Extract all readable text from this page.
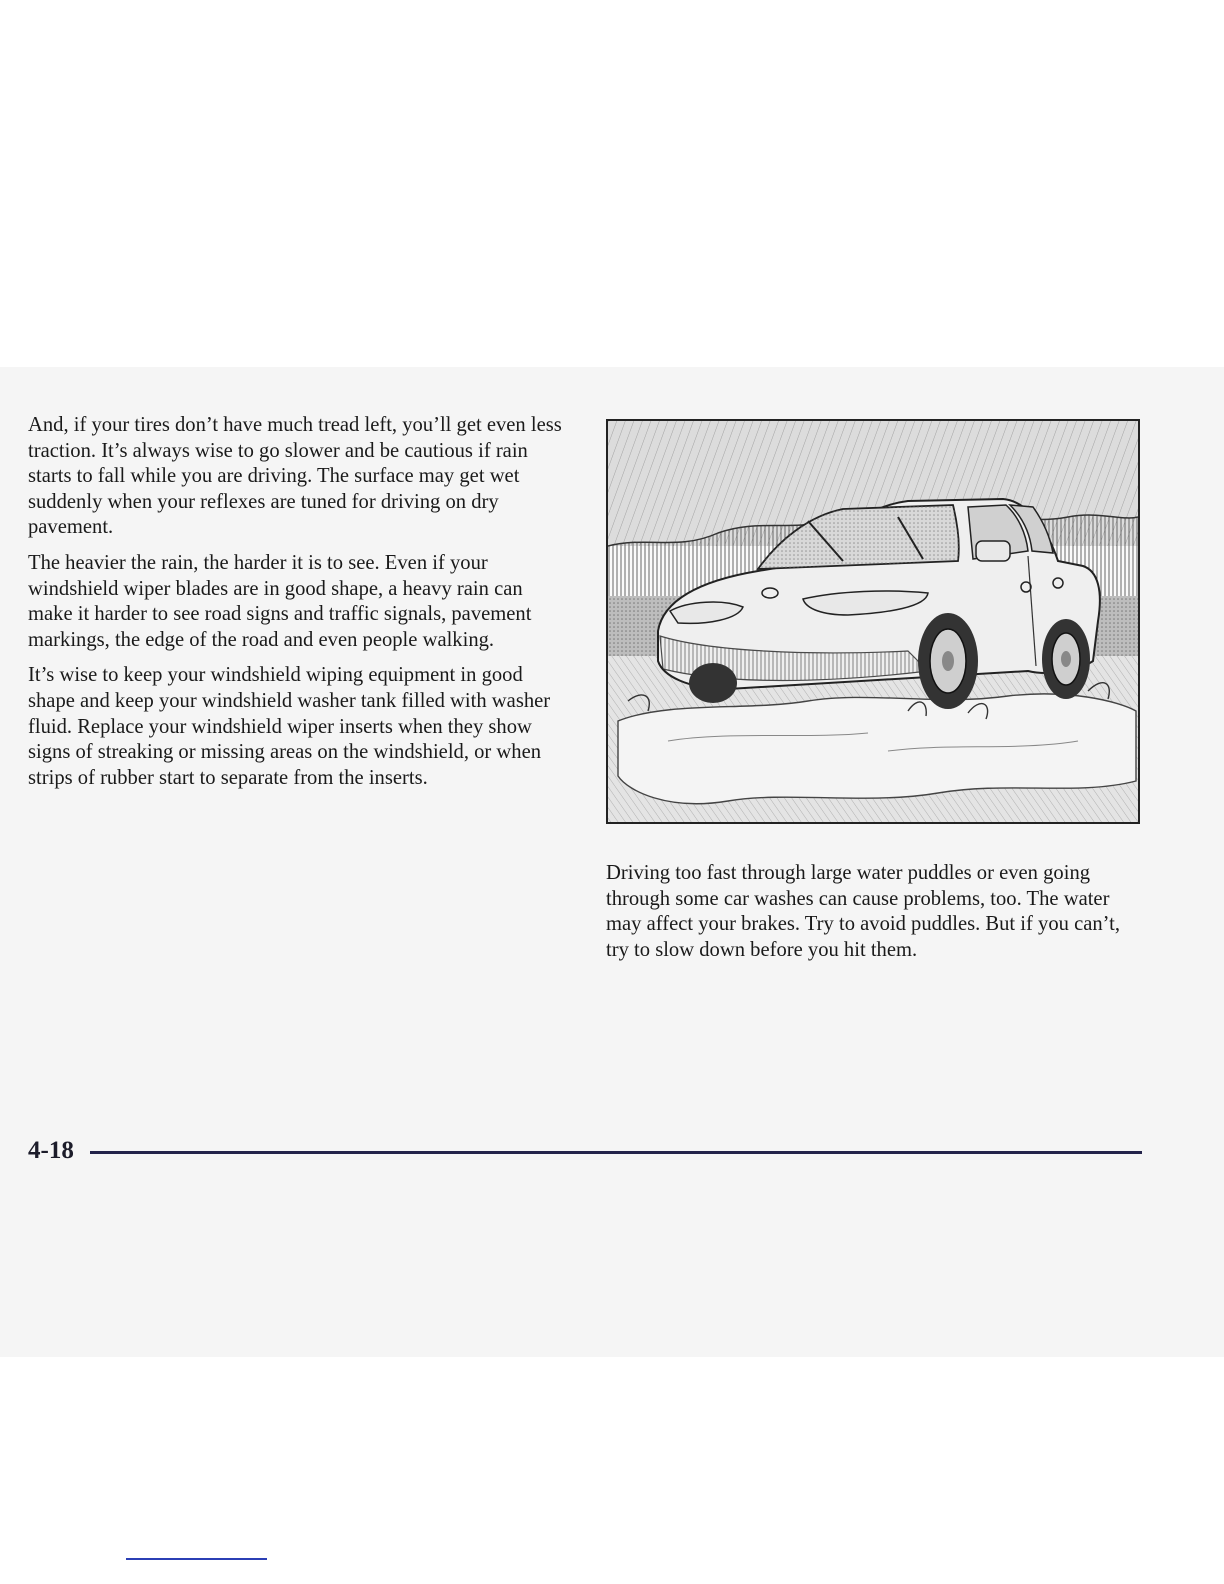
And, if your tires don’t have much tread left, you’ll get even less traction. It’s always wise to go slower and be cautious if rain starts to fall while you are driving. The surface may get wet suddenly when your reflexes are tuned for driving on dry pavement.

The heavier the rain, the harder it is to see. Even if your windshield wiper blades are in good shape, a heavy rain can make it harder to see road signs and traffic signals, pavement markings, the edge of the road and even people walking.

It’s wise to keep your windshield wiping equipment in good shape and keep your windshield washer tank filled with washer fluid. Replace your windshield wiper inserts when they show signs of streaking or missing areas on the windshield, or when strips of rubber start to separate from the inserts.

Driving too fast through large water puddles or even going through some car washes can cause problems, too. The water may affect your brakes. Try to avoid puddles. But if you can’t, try to slow down before you hit them.

4-18
